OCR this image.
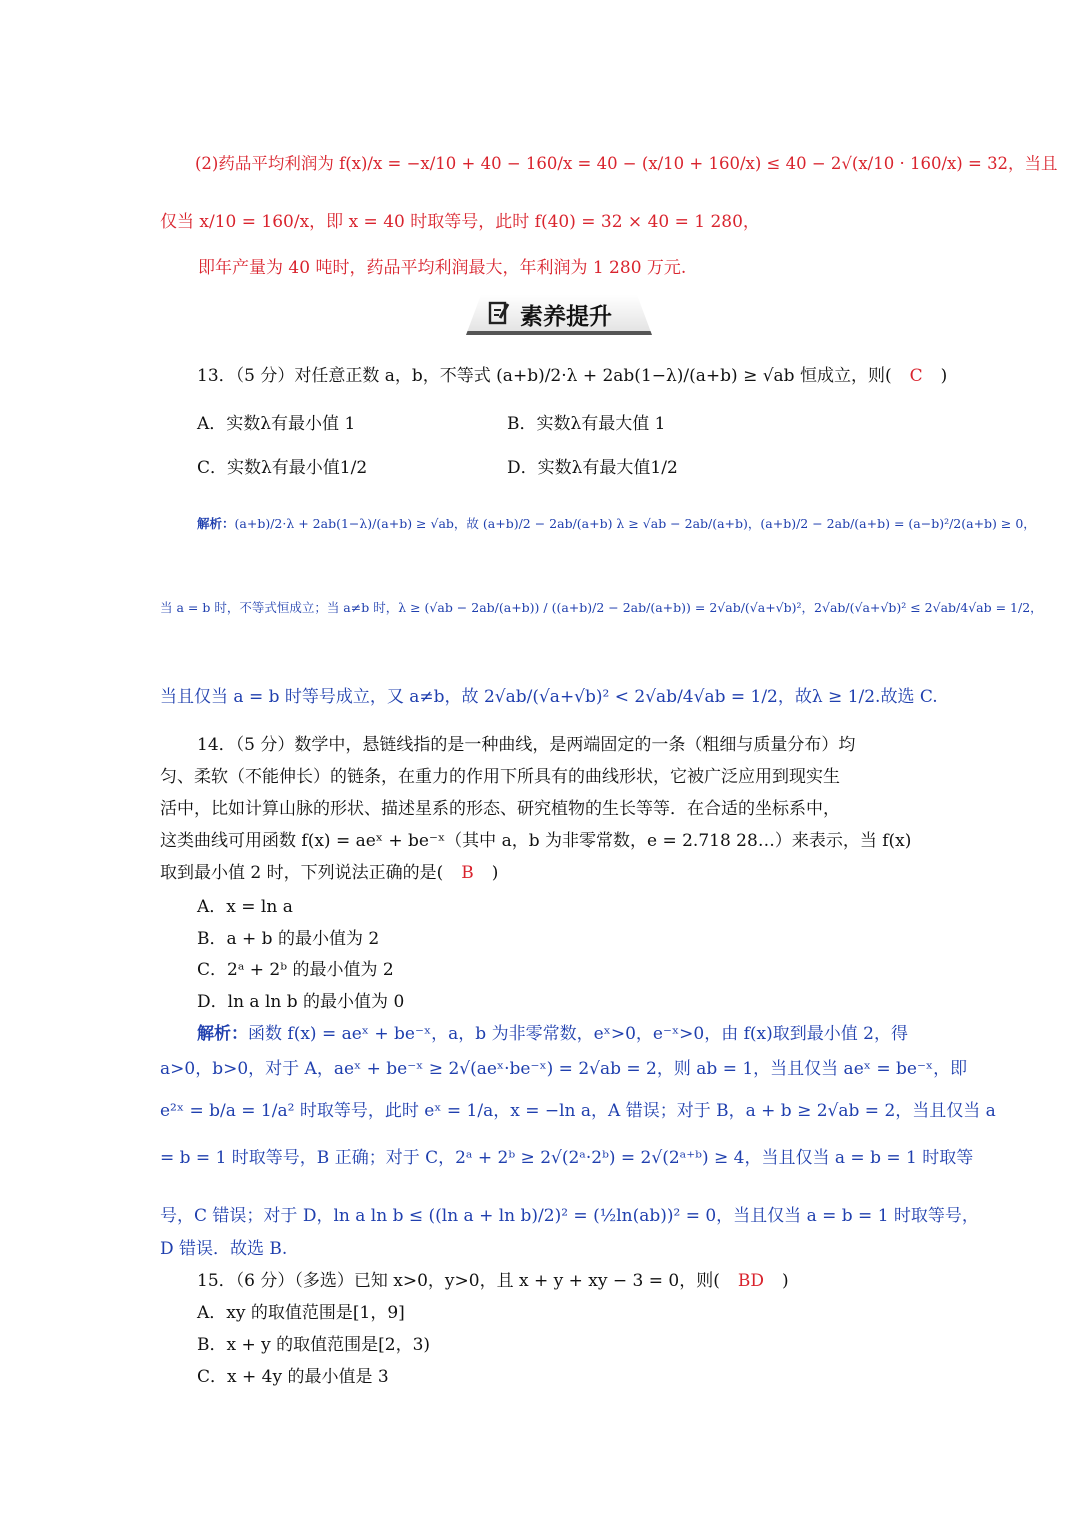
(2)药品平均利润为 f(x)/x = −x/10 + 40 − 160/x = 40 − (x/10 + 160/x) ≤ 40 − 2√(x/10 · 160/x) = 32，当且
仅当 x/10 = 160/x，即 x = 40 时取等号，此时 f(40) = 32 × 40 = 1 280，
即年产量为 40 吨时，药品平均利润最大，年利润为 1 280 万元.
素养提升
13．（5 分）对任意正数 a，b，不等式 (a+b)/2·λ + 2ab(1−λ)/(a+b) ≥ √ab 恒成立，则( C )
A．实数λ有最小值 1	B．实数λ有最大值 1
C．实数λ有最小值1/2	D．实数λ有最大值1/2
解析：(a+b)/2·λ + 2ab(1−λ)/(a+b) ≥ √ab，故 (a+b)/2 − 2ab/(a+b) λ ≥ √ab − 2ab/(a+b)，(a+b)/2 − 2ab/(a+b) = (a−b)²/2(a+b) ≥ 0，
当 a = b 时，不等式恒成立；当 a≠b 时，λ ≥ (√ab − 2ab/(a+b)) / ((a+b)/2 − 2ab/(a+b)) = 2√ab/(√a+√b)²，2√ab/(√a+√b)² ≤ 2√ab/4√ab = 1/2，
当且仅当 a = b 时等号成立，又 a≠b，故 2√ab/(√a+√b)² < 2√ab/4√ab = 1/2，故λ ≥ 1/2.故选 C.
14．（5 分）数学中，悬链线指的是一种曲线，是两端固定的一条（粗细与质量分布）均
匀、柔软（不能伸长）的链条，在重力的作用下所具有的曲线形状，它被广泛应用到现实生
活中，比如计算山脉的形状、描述星系的形态、研究植物的生长等等．在合适的坐标系中，
这类曲线可用函数 f(x) = aeˣ + be⁻ˣ（其中 a，b 为非零常数，e = 2.718 28…）来表示，当 f(x)
取到最小值 2 时，下列说法正确的是( B )
A．x = ln a
B．a + b 的最小值为 2
C．2ᵃ + 2ᵇ 的最小值为 2
D．ln a ln b 的最小值为 0
解析：函数 f(x) = aeˣ + be⁻ˣ，a，b 为非零常数，eˣ>0，e⁻ˣ>0，由 f(x)取到最小值 2，得
a>0，b>0，对于 A，aeˣ + be⁻ˣ ≥ 2√(aeˣ·be⁻ˣ) = 2√ab = 2，则 ab = 1，当且仅当 aeˣ = be⁻ˣ，即
e²ˣ = b/a = 1/a² 时取等号，此时 eˣ = 1/a，x = −ln a，A 错误；对于 B，a + b ≥ 2√ab = 2，当且仅当 a
= b = 1 时取等号，B 正确；对于 C，2ᵃ + 2ᵇ ≥ 2√(2ᵃ·2ᵇ) = 2√(2ᵃ⁺ᵇ) ≥ 4，当且仅当 a = b = 1 时取等
号，C 错误；对于 D，ln a ln b ≤ ((ln a + ln b)/2)² = (½ln(ab))² = 0，当且仅当 a = b = 1 时取等号，
D 错误．故选 B.
15．（6 分）（多选）已知 x>0，y>0，且 x + y + xy − 3 = 0，则( BD )
A．xy 的取值范围是[1，9]
B．x + y 的取值范围是[2，3)
C．x + 4y 的最小值是 3
